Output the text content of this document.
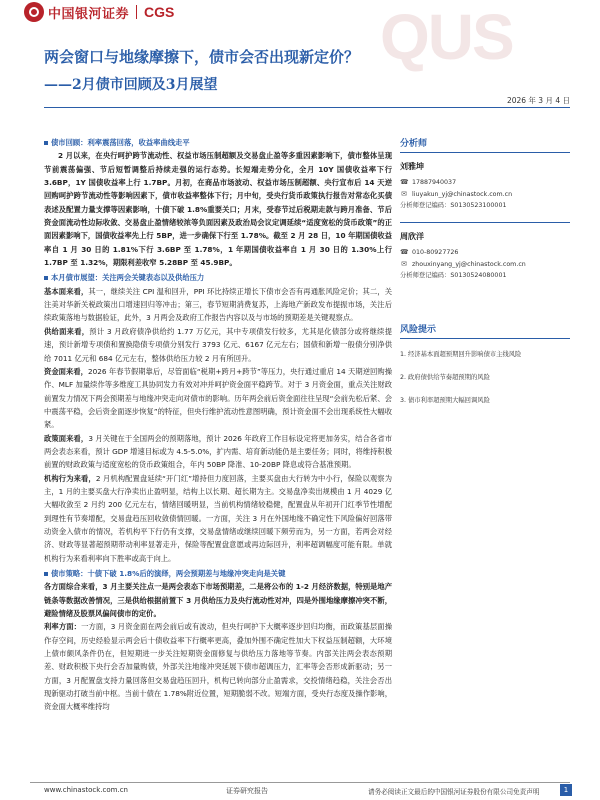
中国银河证券 CGS	QUS
两会窗口与地缘摩擦下，债市会否出现新定价？
——2月债市回顾及3月展望
2026 年 3 月 4 日

债市回顾：利率震荡回落，收益率曲线走平

2 月以来，在央行呵护跨节流动性、权益市场压制超额及交易盘止盈等多重因素影响下，债市整体呈现节前震荡偏强、节后短暂调整后持续走强的运行态势。长短端走势分化，全月 10Y 国债收益率下行 3.6BP，1Y 国债收益率上行 1.7BP。月初，在商品市场波动、权益市场压制超额、央行宣布后 14 天逆回购呵护跨节流动性等影响因素下，债市收益率整体下行；月中旬，受央行货币政策执行报告对常态化买债表述及配置力量支撑等因素影响，十债下破 1.8%重要关口；月末，受春节过后税期走款与跨月准备、节后资金面流动性边际收敛、交易盘止盈情绪较浓等负面因素及政治局会议定调延续“适度宽松的货币政策”的正面因素影响下，国债收益率先上行 5BP，进一步确保下行至 1.78%。截至 2 月 28 日，10 年期国债收益率自 1 月 30 日的 1.81%下行 3.6BP 至 1.78%，1 年期国债收益率自 1 月 30 日的 1.30%上行 1.7BP 至 1.32%，期限利差收窄 5.28BP 至 45.9BP。

本月债市展望：关注两会关键表态以及供给压力

基本面来看，其一，继续关注 CPI 温和回升，PPI 环比持续正增长下债市会否有再通胀风险定价；其二，关注美对华新关税政策出口增速回归等冲击；第三，春节短期消费复苏，上海地产新政发布提振市场，关注后续政策落地与数据验证，此外，3 月两会及政府工作报告内容以及与市场的预期差是关键观察点。

供给面来看，预计 3 月政府债净供给约 1.77 万亿元，其中专项债发行较多，尤其是化债部分或将继续提速，预计新增专项债和置换隐债专项债分别发行 3793 亿元、6167 亿元左右；国债和新增一般债分别净供给 7011 亿元和 684 亿元左右，整体供给压力较 2 月有所回升。

资金面来看，2026 年春节假期靠后，尽管面临“税期+跨月+跨节”等压力，央行通过重启 14 天期逆回购操作、MLF 加量续作等多维度工具协同发力有效对冲并呵护资金面平稳跨节。对于 3 月资金面，重点关注财政前置发力情况下两会预期差与地缘冲突走向对债市的影响。历年两会前后资金面往往呈现“会前先松后紧、会中震荡平稳，会后资金面逐步恢复”的特征，但央行维护流动性意图明确，预计资金面不会出现系统性大幅收紧。

政策面来看，3 月关键在于全国两会的预期落地，预计 2026 年政府工作目标设定将更加务实，结合各省市两会表态来看，预计 GDP 增速目标或为 4.5-5.0%，扩内需、培育新动能仍是主要任务；同时，将维持积极前置的财政政策与适度宽松的货币政策组合，年内 50BP 降准、10-20BP 降息或符合基准预期。

机构行为来看，2 月机构配置盘延续“开门红”增持但力度回落，主要买盘由大行转为中小行，保险以观察为主，1 月的主要买盘大行净卖出止盈明显，结构上以长期、超长期为主。交易盘净卖出规模由 1 月 4029 亿大幅收敛至 2 月约 200 亿元左右，情绪回暖明显，当前机构情绪较稳健，配置盘从年初开门红季节性增配到理性有节奏增配，交易盘趋压回收敛债情回暖。一方面，关注 3 月在外国地缘不确定性下风险偏好回落带动资金入债市的情况，若机构平下行仍有支撑，交易盘情绪或继续回暖下频劳而为，另一方面，若两会对经济、财政等显著超预期带动利率显著走升，保险等配置盘意愿或再边际回升，利率超调幅度可能有限。单就机构行为来看利率向下胜率或高于向上。

债市策略：十债下破 1.8%后的演绎，两会预期差与地缘冲突走向是关键

各方面综合来看，3 月主要关注点一是两会表态下市场预期差，二是将公布的 1-2 月经济数据，特别是地产链条等数据改善情况，三是供给根据前置下 3 月供给压力及央行流动性对冲，四是外围地缘摩擦冲突不断，避险情绪及股票风偏间债市的定价。

利率方面：一方面，3 月资金面在两会前后或有波动，但央行呵护下大概率逐步回归均衡，而政策基层面操作存空间，历史经验显示两会后十债收益率下行概率更高，叠加外围不确定性加大下权益压制超额，大环境上债市颇风条件仍在，但短期进一步关注短期资金面修复与供给压力落地等节奏。内部关注两会表态预期差、财政积极下央行会否加量购债，外部关注地缘冲突延展下债市超调压力，汇率等会否形成新驱动；另一方面，3 月配置盘支持力量回落但交易盘趋压回升，机构已转向部分止盈需求，交投情绪趋稳，关注会否出现新驱动打破当前中枢。当前十债在 1.78%附近位置，短期脆弱不改。短端方面，受央行态度及操作影响，资金面大概率维持均

分析师
刘雅坤
☎ 17887940037
✉ liuyakun_yj@chinastock.com.cn
分析师登记编码：S0130523100001
周欣洋
☎ 010-80927726
✉ zhouxinyang_yj@chinastock.com.cn
分析师登记编码：S0130524080001
风险提示
1. 经济基本面超预期回升影响债市主线风险
2. 政府债供给节奏超预期的风险
3. 债市利率超预期大幅回调风险
www.chinastock.com.cn	证券研究报告	请务必阅读正文最后的中国银河证券股份有限公司免责声明	1
